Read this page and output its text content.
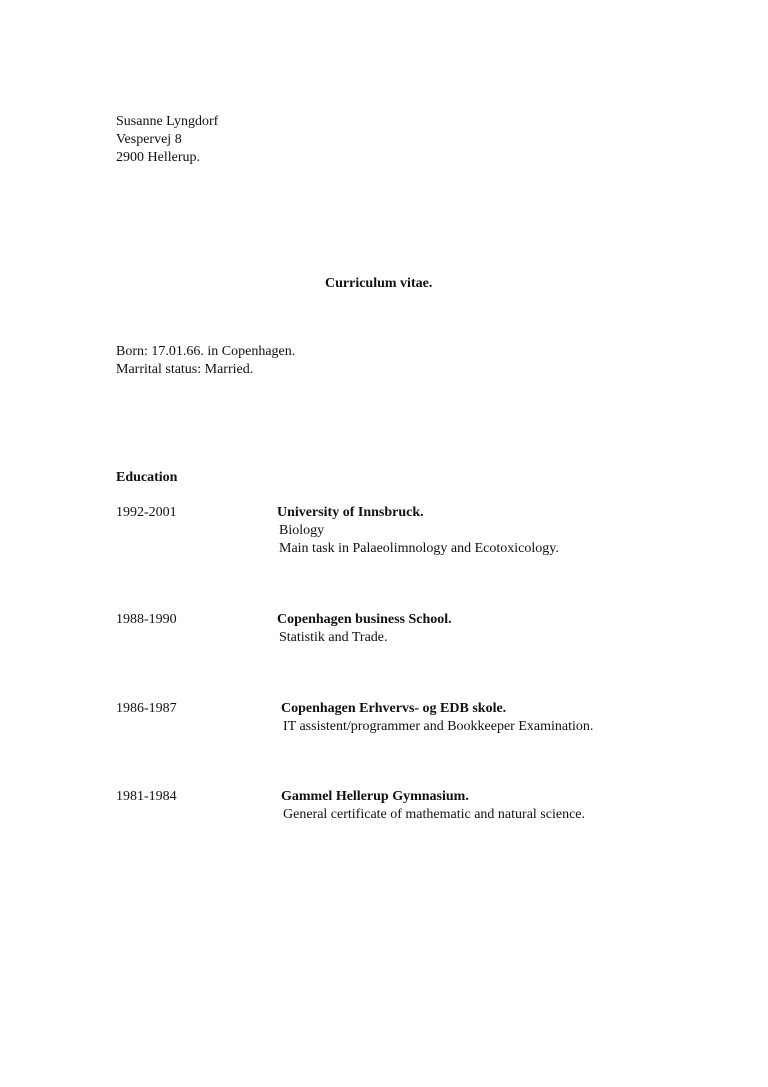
Susanne Lyngdorf
Vespervej 8
2900 Hellerup.
Curriculum vitae.
Born: 17.01.66. in Copenhagen.
Marrital status: Married.
Education
1992-2001	University of Innsbruck.
Biology
Main task in Palaeolimnology and Ecotoxicology.
1988-1990	Copenhagen business School.
Statistik and Trade.
1986-1987	Copenhagen Erhvervs- og EDB skole.
IT assistent/programmer and Bookkeeper Examination.
1981-1984	Gammel Hellerup Gymnasium.
General certificate of mathematic and natural science.
